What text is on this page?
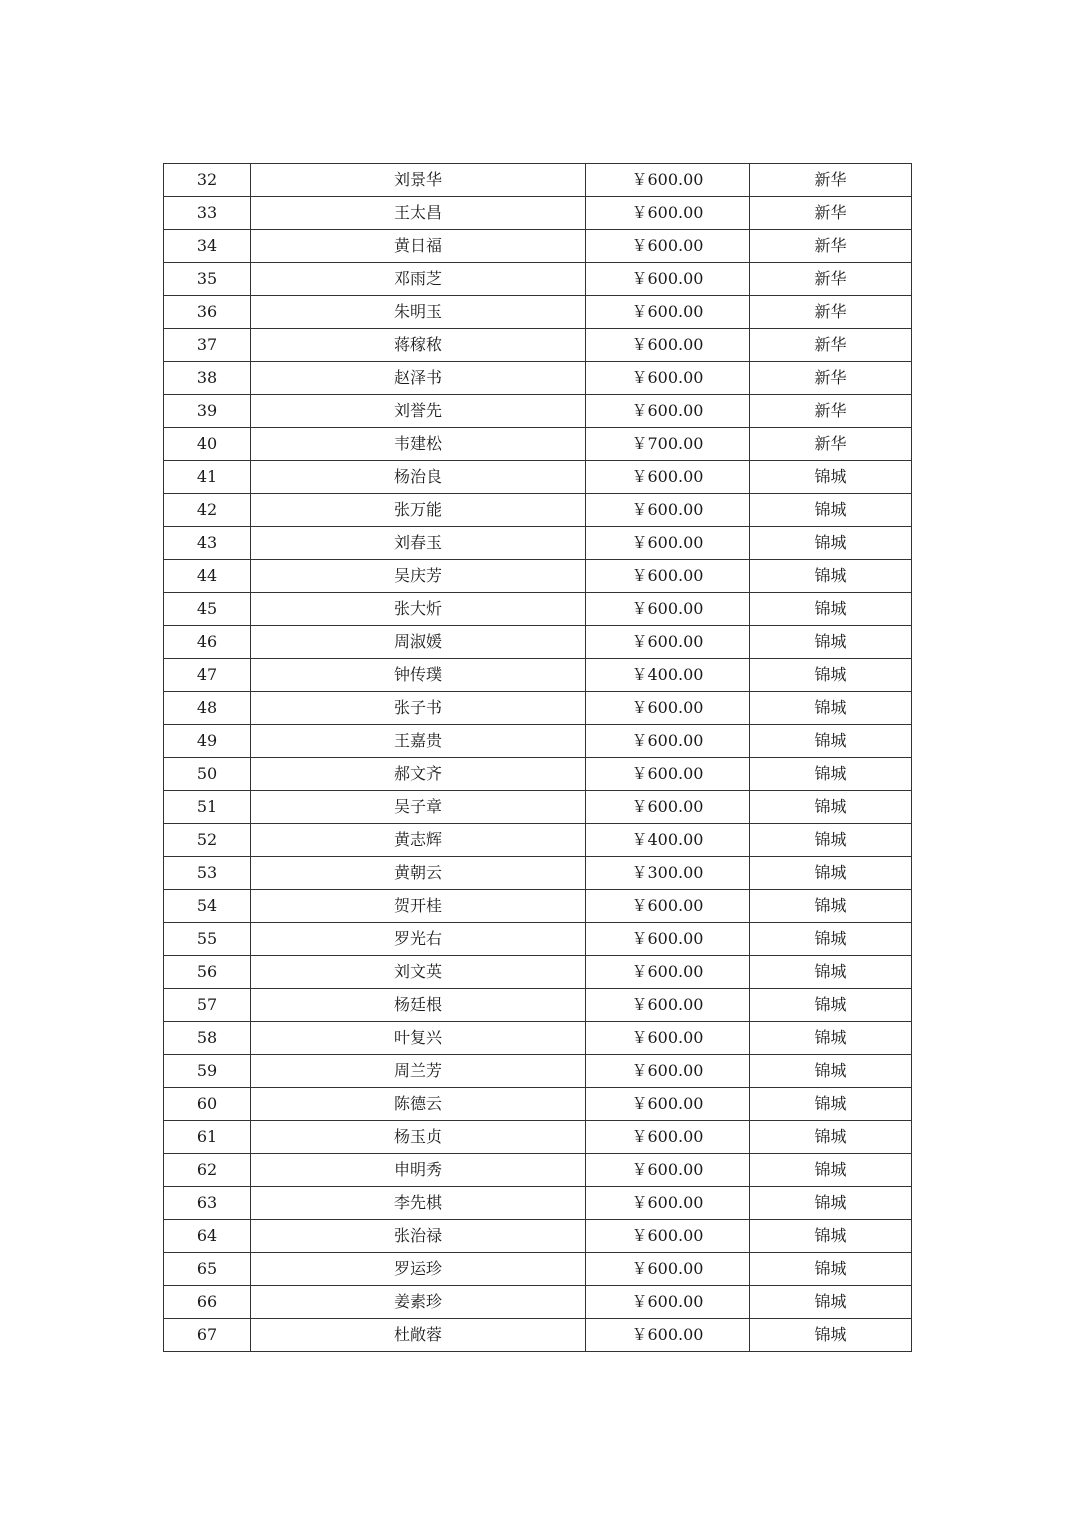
32	刘景华	￥600.00	新华
33	王太昌	￥600.00	新华
34	黄日福	￥600.00	新华
35	邓雨芝	￥600.00	新华
36	朱明玉	￥600.00	新华
37	蒋稼秾	￥600.00	新华
38	赵泽书	￥600.00	新华
39	刘誉先	￥600.00	新华
40	韦建松	￥700.00	新华
41	杨治良	￥600.00	锦城
42	张万能	￥600.00	锦城
43	刘春玉	￥600.00	锦城
44	吴庆芳	￥600.00	锦城
45	张大炘	￥600.00	锦城
46	周淑媛	￥600.00	锦城
47	钟传璞	￥400.00	锦城
48	张子书	￥600.00	锦城
49	王嘉贵	￥600.00	锦城
50	郝文齐	￥600.00	锦城
51	吴子章	￥600.00	锦城
52	黄志辉	￥400.00	锦城
53	黄朝云	￥300.00	锦城
54	贺开桂	￥600.00	锦城
55	罗光右	￥600.00	锦城
56	刘文英	￥600.00	锦城
57	杨廷根	￥600.00	锦城
58	叶复兴	￥600.00	锦城
59	周兰芳	￥600.00	锦城
60	陈德云	￥600.00	锦城
61	杨玉贞	￥600.00	锦城
62	申明秀	￥600.00	锦城
63	李先棋	￥600.00	锦城
64	张治禄	￥600.00	锦城
65	罗运珍	￥600.00	锦城
66	姜素珍	￥600.00	锦城
67	杜敞蓉	￥600.00	锦城
